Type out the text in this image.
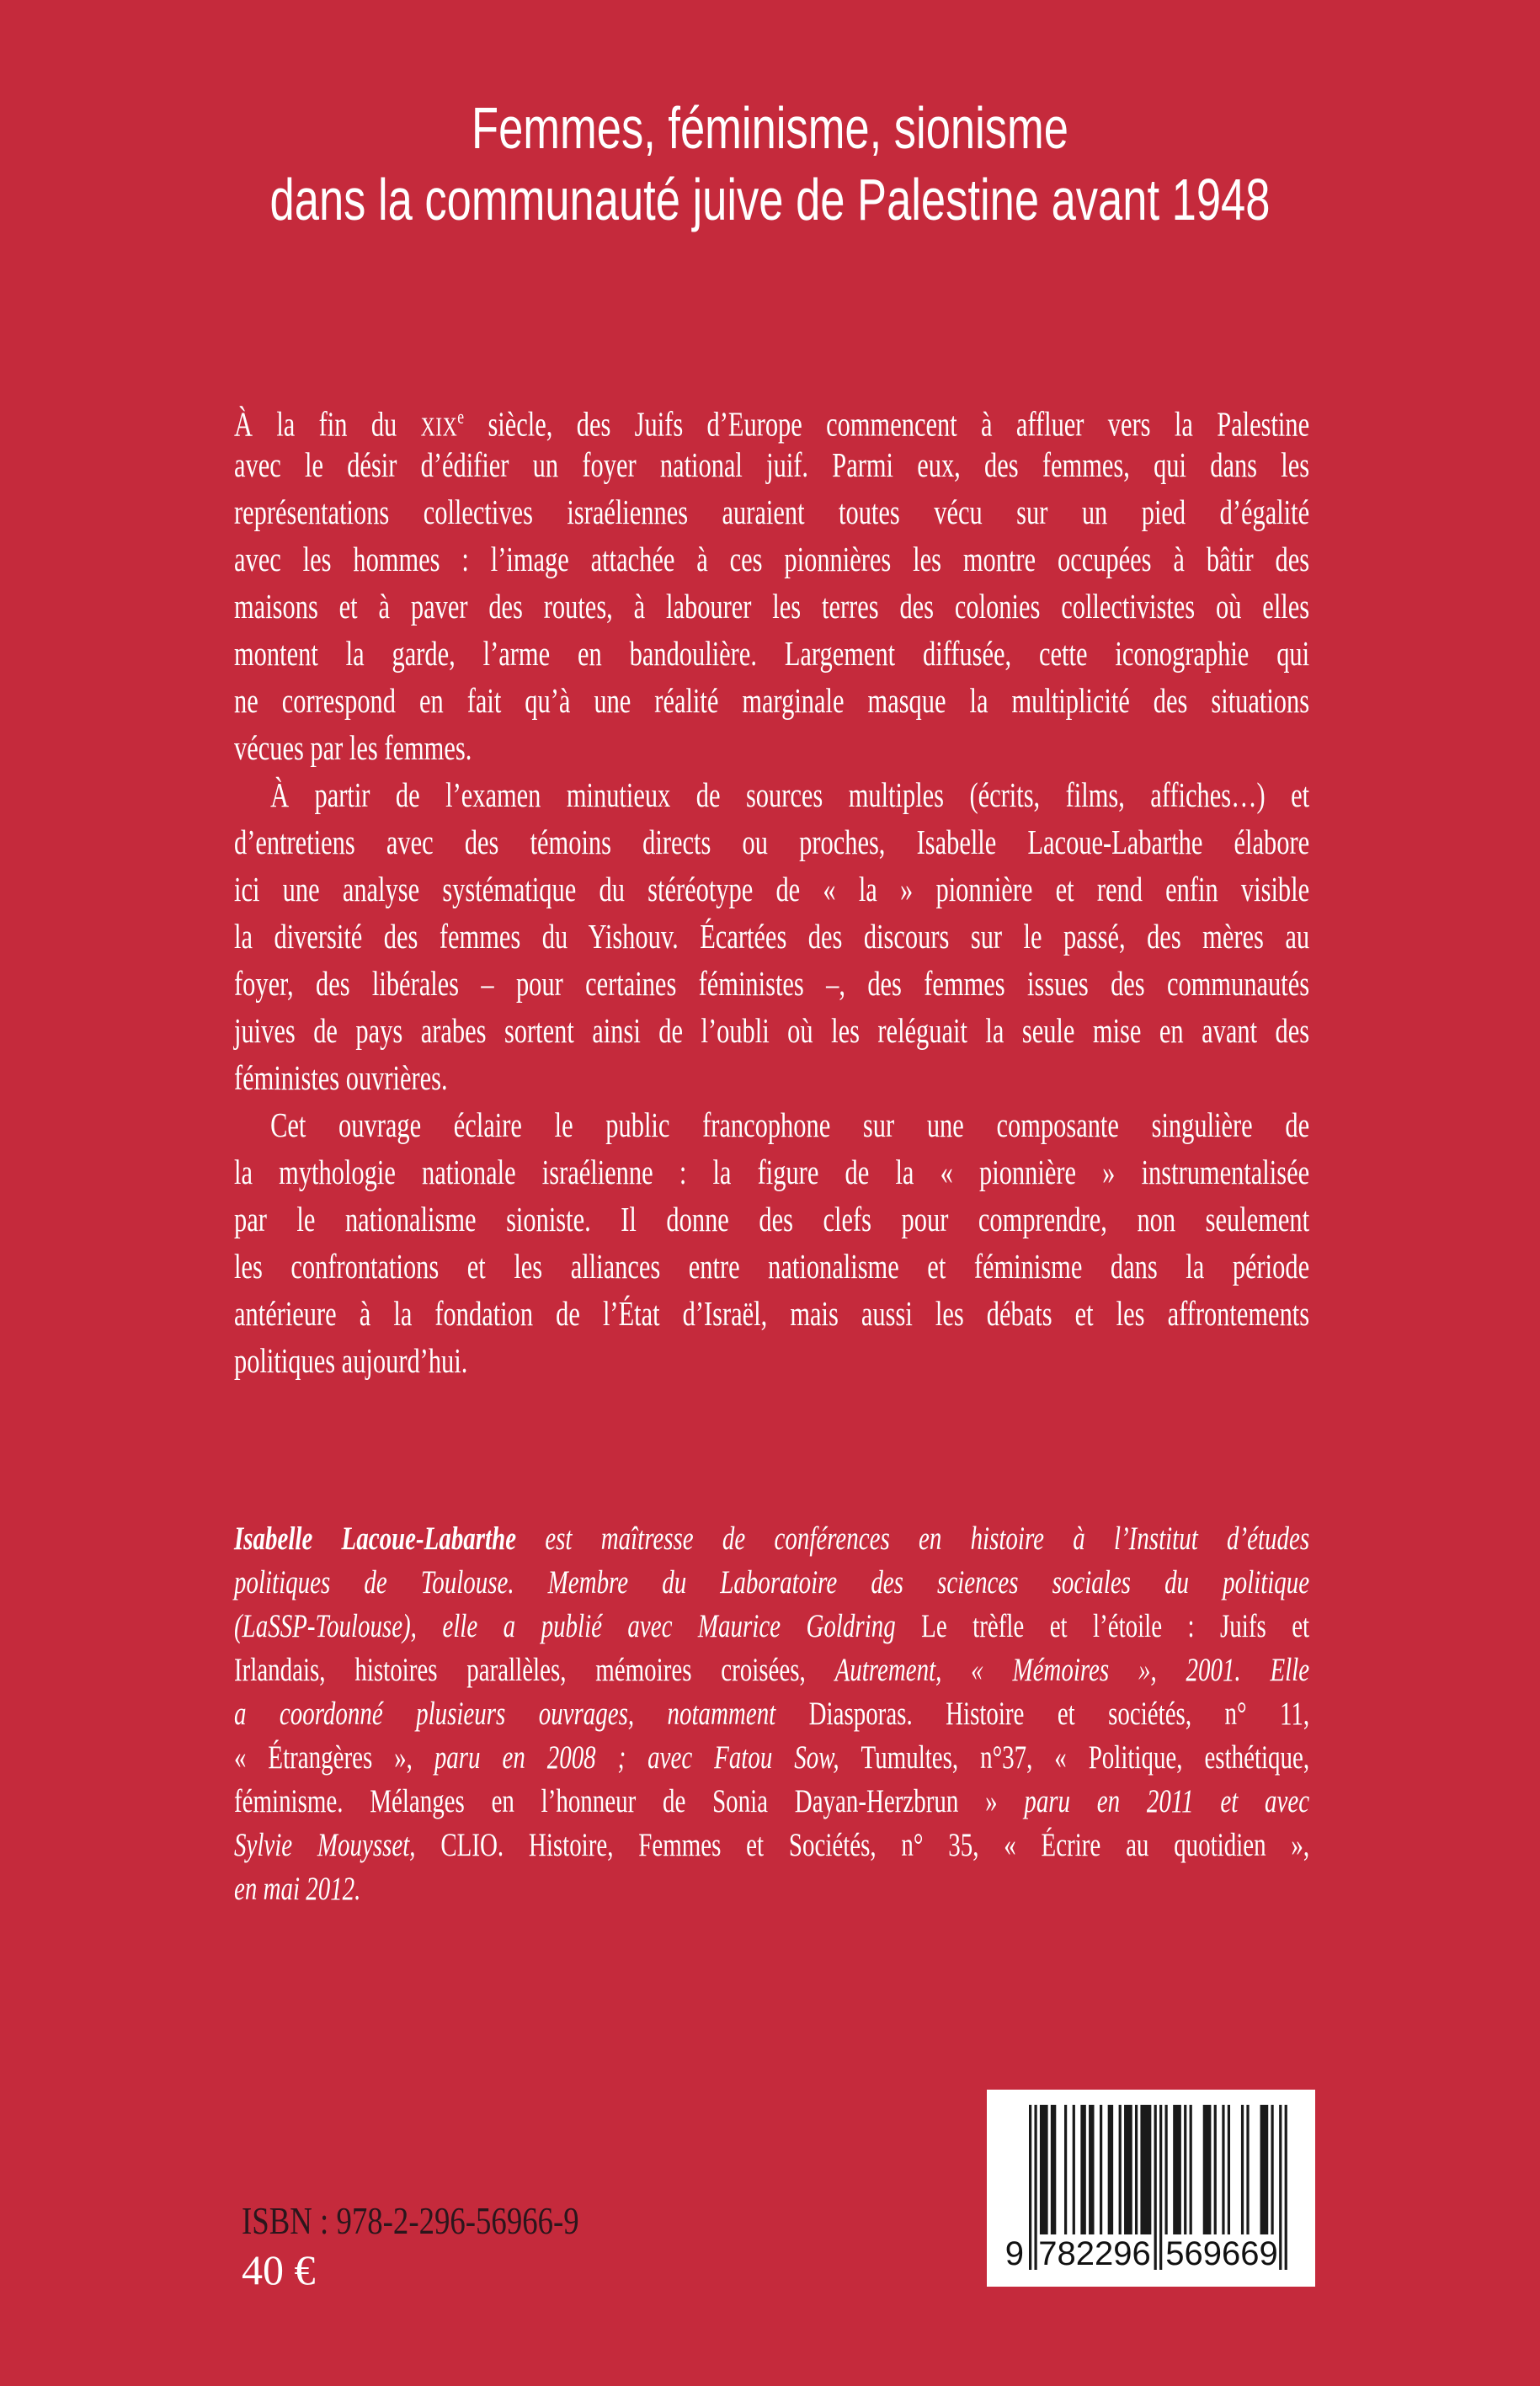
Femmes, féminisme, sionisme
dans la communauté juive de Palestine avant 1948
À la fin du XIXe siècle, des Juifs d’Europe commencent à affluer vers la Palestine
avec le désir d’édifier un foyer national juif. Parmi eux, des femmes, qui dans les
représentations collectives israéliennes auraient toutes vécu sur un pied d’égalité
avec les hommes : l’image attachée à ces pionnières les montre occupées à bâtir des
maisons et à paver des routes, à labourer les terres des colonies collectivistes où elles
montent la garde, l’arme en bandoulière. Largement diffusée, cette iconographie qui
ne correspond en fait qu’à une réalité marginale masque la multiplicité des situations
vécues par les femmes.
À partir de l’examen minutieux de sources multiples (écrits, films, affiches…) et
d’entretiens avec des témoins directs ou proches, Isabelle Lacoue-Labarthe élabore
ici une analyse systématique du stéréotype de « la » pionnière et rend enfin visible
la diversité des femmes du Yishouv. Écartées des discours sur le passé, des mères au
foyer, des libérales – pour certaines féministes –, des femmes issues des communautés
juives de pays arabes sortent ainsi de l’oubli où les reléguait la seule mise en avant des
féministes ouvrières.
Cet ouvrage éclaire le public francophone sur une composante singulière de
la mythologie nationale israélienne : la figure de la « pionnière » instrumentalisée
par le nationalisme sioniste. Il donne des clefs pour comprendre, non seulement
les confrontations et les alliances entre nationalisme et féminisme dans la période
antérieure à la fondation de l’État d’Israël, mais aussi les débats et les affrontements
politiques aujourd’hui.
Isabelle Lacoue-Labarthe est maîtresse de conférences en histoire à l’Institut d’études
politiques de Toulouse. Membre du Laboratoire des sciences sociales du politique
(LaSSP-Toulouse), elle a publié avec Maurice Goldring Le trèfle et l’étoile : Juifs et
Irlandais, histoires parallèles, mémoires croisées, Autrement, « Mémoires », 2001. Elle
a coordonné plusieurs ouvrages, notamment Diasporas. Histoire et sociétés, n° 11,
« Étrangères », paru en 2008 ; avec Fatou Sow, Tumultes, n°37, « Politique, esthétique,
féminisme. Mélanges en l’honneur de Sonia Dayan-Herzbrun » paru en 2011 et avec
Sylvie Mouysset, CLIO. Histoire, Femmes et Sociétés, n° 35, « Écrire au quotidien »,
en mai 2012.
ISBN : 978-2-296-56966-9
40 €	9 782296 569669
